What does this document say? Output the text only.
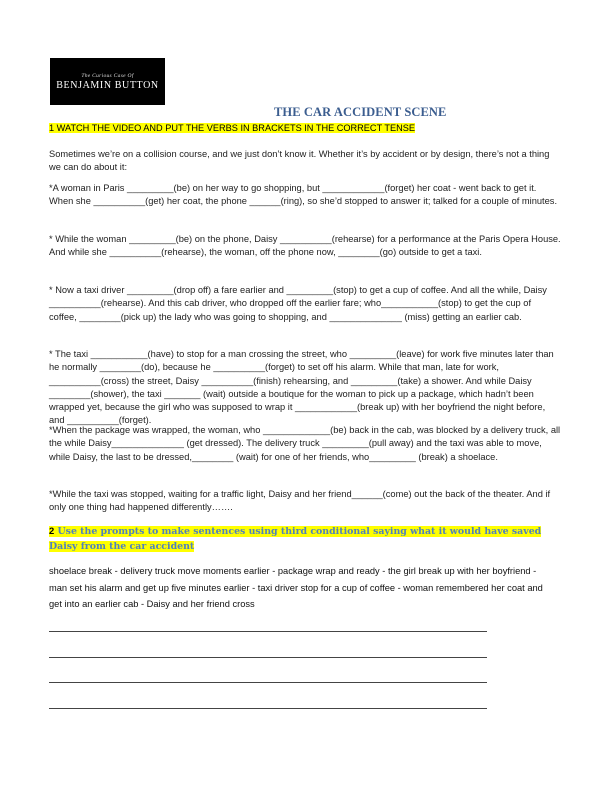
The Curious Case Of
BENJAMIN BUTTON
THE CAR ACCIDENT SCENE
1 WATCH THE VIDEO AND PUT THE VERBS IN BRACKETS IN THE CORRECT TENSE
Sometimes we’re on a collision course, and we just don’t know it. Whether it’s by accident or by design, there’s not a thing we can do about it:
*A woman in Paris _________(be) on her way to go shopping, but ____________(forget) her coat - went back to get it. When she __________(get) her coat, the phone ______(ring), so she’d stopped to answer it; talked for a couple of minutes.
* While the woman _________(be) on the phone, Daisy __________(rehearse) for a performance at the Paris Opera House. And while she __________(rehearse), the woman, off the phone now, ________(go) outside to get a taxi.
* Now a taxi driver _________(drop off) a fare earlier and _________(stop) to get a cup of coffee. And all the while, Daisy __________(rehearse). And this cab driver, who dropped off the earlier fare; who___________(stop) to get the cup of coffee, ________(pick up) the lady who was going to shopping, and ______________ (miss) getting an earlier cab.
* The taxi ___________(have) to stop for a man crossing the street, who _________(leave) for work five minutes later than he normally ________(do), because he __________(forget) to set off his alarm. While that man, late for work, __________(cross) the street, Daisy __________(finish) rehearsing, and _________(take) a shower. And while Daisy ________(shower), the taxi _______ (wait) outside a boutique for the woman to pick up a package, which hadn’t been wrapped yet, because the girl who was supposed to wrap it ____________(break up) with her boyfriend the night before, and __________(forget).
*When the package was wrapped, the woman, who _____________(be) back in the cab, was blocked by a delivery truck, all the while Daisy______________ (get dressed). The delivery truck _________(pull away) and the taxi was able to move, while Daisy, the last to be dressed,________ (wait) for one of her friends, who_________ (break) a shoelace.
*While the taxi was stopped, waiting for a traffic light, Daisy and her friend______(come) out the back of the theater. And if only one thing had happened differently…….
2 Use the prompts to make sentences using third conditional saying what it would have saved Daisy from the car accident
shoelace break - delivery truck move moments earlier - package wrap and ready - the girl break up with her boyfriend - man set his alarm and get up five minutes earlier - taxi driver stop for a cup of coffee - woman remembered her coat and get into an earlier cab - Daisy and her friend cross
